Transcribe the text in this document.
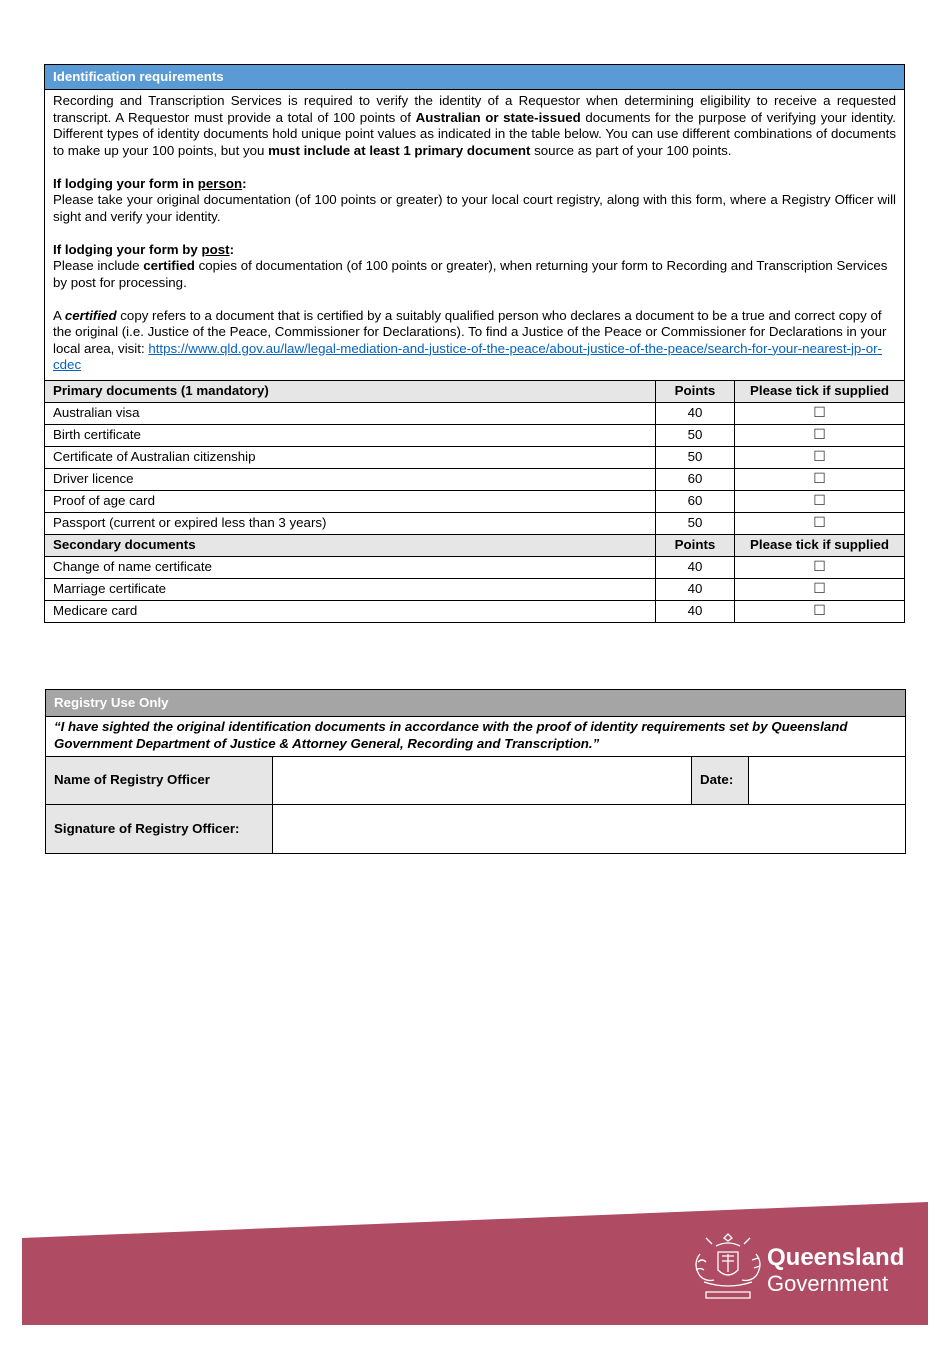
Identification requirements

Recording and Transcription Services is required to verify the identity of a Requestor when determining eligibility to receive a requested transcript. A Requestor must provide a total of 100 points of Australian or state-issued documents for the purpose of verifying your identity. Different types of identity documents hold unique point values as indicated in the table below. You can use different combinations of documents to make up your 100 points, but you must include at least 1 primary document source as part of your 100 points.

If lodging your form in person:
Please take your original documentation (of 100 points or greater) to your local court registry, along with this form, where a Registry Officer will sight and verify your identity.

If lodging your form by post:
Please include certified copies of documentation (of 100 points or greater), when returning your form to Recording and Transcription Services by post for processing.

A certified copy refers to a document that is certified by a suitably qualified person who declares a document to be a true and correct copy of the original (i.e. Justice of the Peace, Commissioner for Declarations). To find a Justice of the Peace or Commissioner for Declarations in your local area, visit: https://www.qld.gov.au/law/legal-mediation-and-justice-of-the-peace/about-justice-of-the-peace/search-for-your-nearest-jp-or-cdec

Primary documents (1 mandatory)	Points	Please tick if supplied
Australian visa	40	☐
Birth certificate	50	☐
Certificate of Australian citizenship	50	☐
Driver licence	60	☐
Proof of age card	60	☐
Passport (current or expired less than 3 years)	50	☐
Secondary documents	Points	Please tick if supplied
Change of name certificate	40	☐
Marriage certificate	40	☐
Medicare card	40	☐
Registry Use Only
“I have sighted the original identification documents in accordance with the proof of identity requirements set by Queensland Government Department of Justice & Attorney General, Recording and Transcription.”
Name of Registry Officer	Date:
Signature of Registry Officer:
Queensland
Government
